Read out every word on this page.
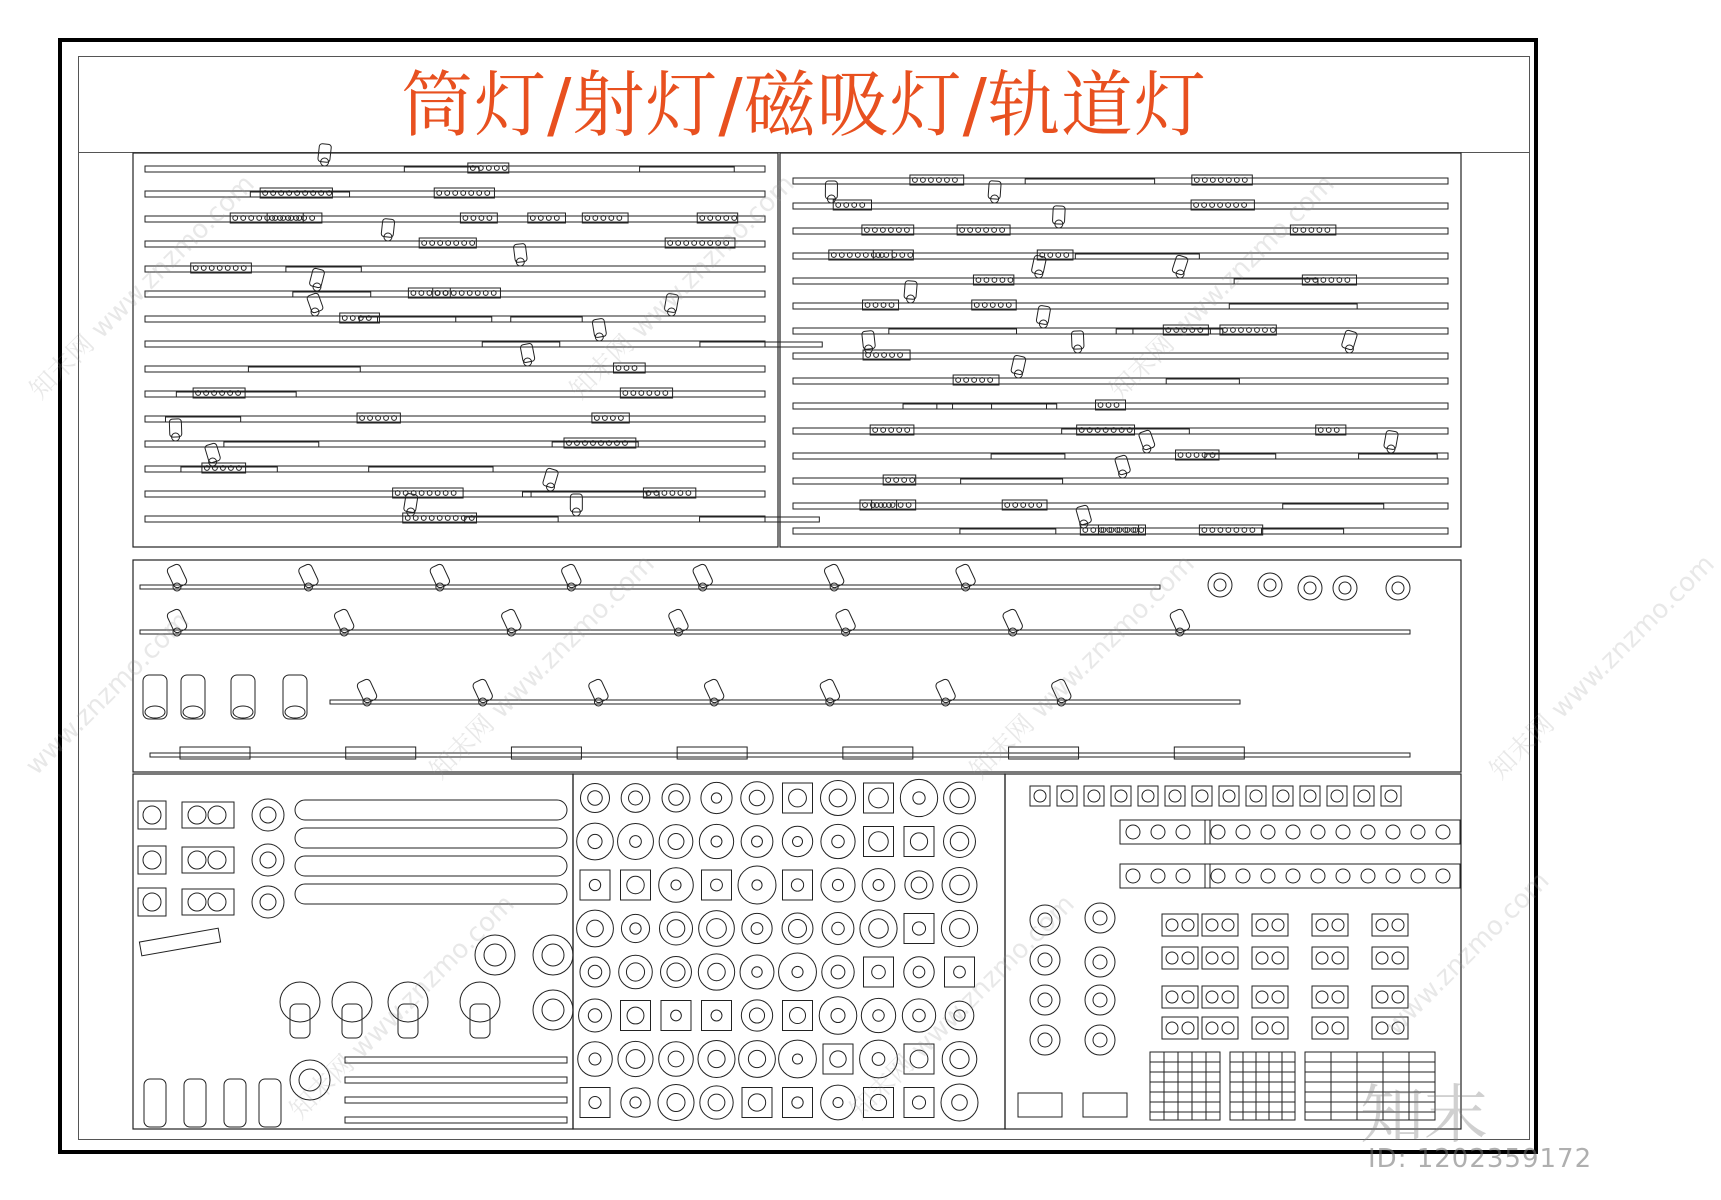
筒灯/射灯/磁吸灯/轨道灯
知末网 www.znzmo.com
知末网 www.znzmo.com
知末网 www.znzmo.com
www.znzmo.com	知末网 www.znzmo.com
知末网 www.znzmo.com
知末网 www.znzmo.com
知末网 www.znzmo.com
知末网 www.znzmo.com	www.znzmo.com
知末
ID: 1202359172
